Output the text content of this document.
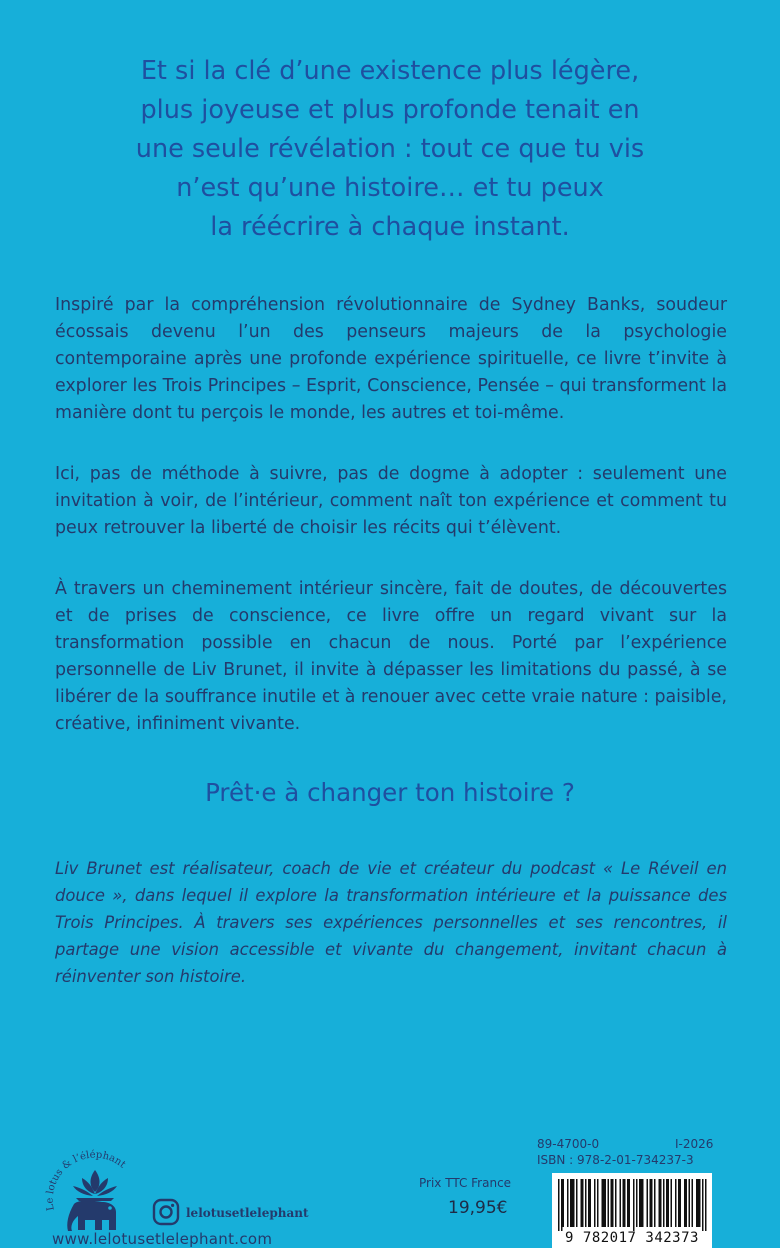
Et si la clé d’une existence plus légère,
plus joyeuse et plus profonde tenait en
une seule révélation : tout ce que tu vis
n’est qu’une histoire… et tu peux
la réécrire à chaque instant.

Inspiré par la compréhension révolutionnaire de Sydney Banks, soudeur écossais devenu l’un des penseurs majeurs de la psychologie contemporaine après une profonde expérience spirituelle, ce livre t’invite à explorer les Trois Principes – Esprit, Conscience, Pensée – qui transforment la manière dont tu perçois le monde, les autres et toi-même.

Ici, pas de méthode à suivre, pas de dogme à adopter : seulement une invitation à voir, de l’intérieur, comment naît ton expérience et comment tu peux retrouver la liberté de choisir les récits qui t’élèvent.

À travers un cheminement intérieur sincère, fait de doutes, de découvertes et de prises de conscience, ce livre offre un regard vivant sur la transformation possible en chacun de nous. Porté par l’expérience personnelle de Liv Brunet, il invite à dépasser les limitations du passé, à se libérer de la souffrance inutile et à renouer avec cette vraie nature : paisible, créative, infiniment vivante.

Prêt·e à changer ton histoire ?

Liv Brunet est réalisateur, coach de vie et créateur du podcast « Le Réveil en douce », dans lequel il explore la transformation intérieure et la puissance des Trois Principes. À travers ses expériences personnelles et ses rencontres, il partage une vision accessible et vivante du changement, invitant chacun à réinventer son histoire.

Le lotus & l’éléphant
lelotusetlelephant
www.lelotusetlelephant.com
89-4700-0	I-2026
ISBN : 978-2-01-734237-3
Prix TTC France
19,95€
9 782017 342373
